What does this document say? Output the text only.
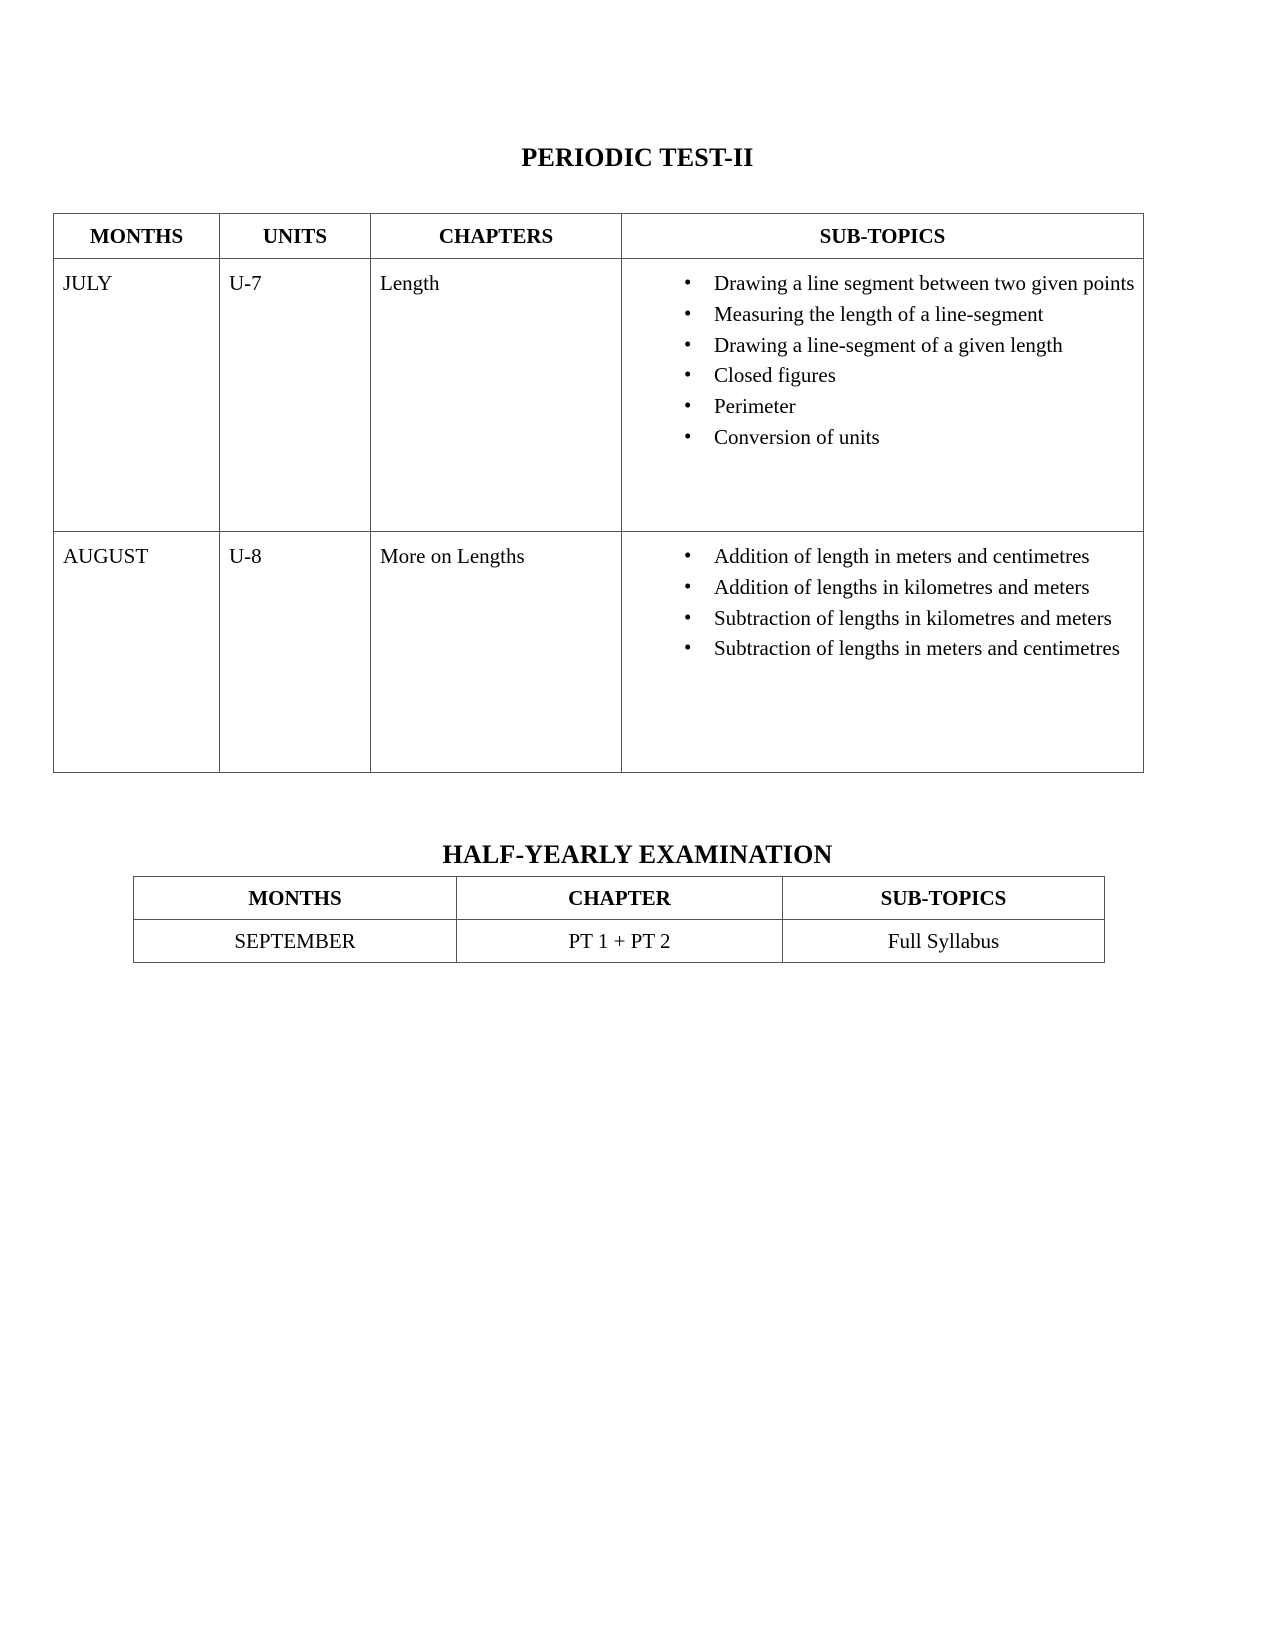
PERIODIC TEST-II
MONTHS	UNITS	CHAPTERS	SUB-TOPICS

JULY	U-7	Length

•Drawing a line segment between two given points
• Measuring the length of a line-segment
• Drawing a line-segment of a given length
• Closed figures
• Perimeter
• Conversion of units

AUGUST	U-8	More on Lengths

•Addition of length in meters and centimetres
• Addition of lengths in kilometres and meters
• Subtraction of lengths in kilometres and meters
• Subtraction of lengths in meters and centimetres
HALF-YEARLY EXAMINATION
MONTHS	CHAPTER	SUB-TOPICS
SEPTEMBER	PT 1 + PT 2	Full Syllabus
